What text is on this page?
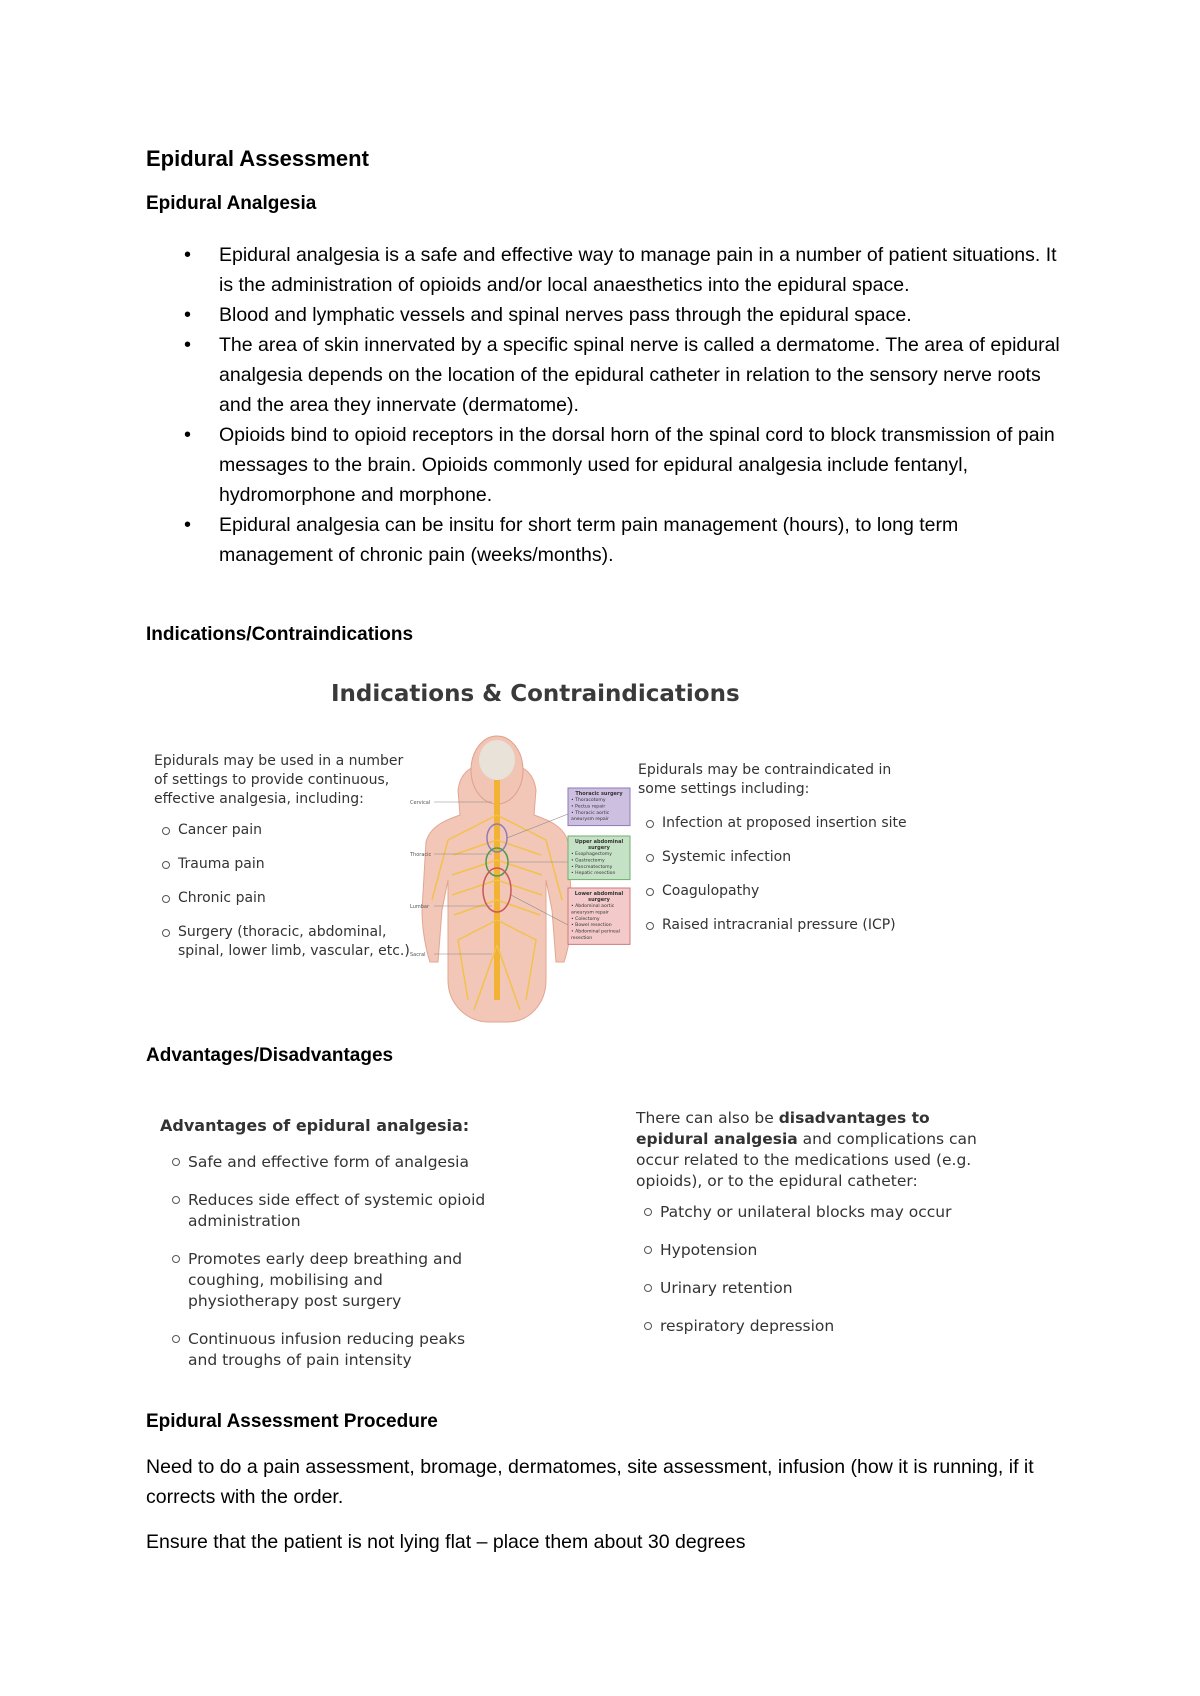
Epidural Assessment
Epidural Analgesia
• Epidural analgesia is a safe and effective way to manage pain in a number of patient situations. It is the administration of opioids and/or local anaesthetics into the epidural space.
• Blood and lymphatic vessels and spinal nerves pass through the epidural space.
• The area of skin innervated by a specific spinal nerve is called a dermatome. The area of epidural analgesia depends on the location of the epidural catheter in relation to the sensory nerve roots and the area they innervate (dermatome).
• Opioids bind to opioid receptors in the dorsal horn of the spinal cord to block transmission of pain messages to the brain. Opioids commonly used for epidural analgesia include fentanyl, hydromorphone and morphone.
• Epidural analgesia can be insitu for short term pain management (hours), to long term management of chronic pain (weeks/months).
Indications/Contraindications
Indications & Contraindications
Epidurals may be used in a number of settings to provide continuous, effective analgesia, including:
Cancer pain
Trauma pain
Chronic pain
Surgery (thoracic, abdominal, spinal, lower limb, vascular, etc.)
Cervical
Thoracic
Lumbar
Sacral
Thoracic surgery
• Thoracotomy
• Pectus repair
• Thoracic aortic
aneurysm repair
Upper abdominal
surgery
• Esophagectomy
• Gastrectomy
• Pancreatectomy
• Hepatic resection
Lower abdominal
surgery
• Abdominal aortic
aneurysm repair
• Colectomy
• Bowel resection
• Abdominal perineal
resection
Epidurals may be contraindicated in some settings including:
Infection at proposed insertion site
Systemic infection
Coagulopathy
Raised intracranial pressure (ICP)
Advantages/Disadvantages
Advantages of epidural analgesia:
Safe and effective form of analgesia
Reduces side effect of systemic opioid administration
Promotes early deep breathing and coughing, mobilising and physiotherapy post surgery
Continuous infusion reducing peaks and troughs of pain intensity
There can also be disadvantages to epidural analgesia and complications can occur related to the medications used (e.g. opioids), or to the epidural catheter:
Patchy or unilateral blocks may occur
Hypotension
Urinary retention
respiratory depression
Epidural Assessment Procedure
Need to do a pain assessment, bromage, dermatomes, site assessment, infusion (how it is running, if it corrects with the order.
Ensure that the patient is not lying flat – place them about 30 degrees
